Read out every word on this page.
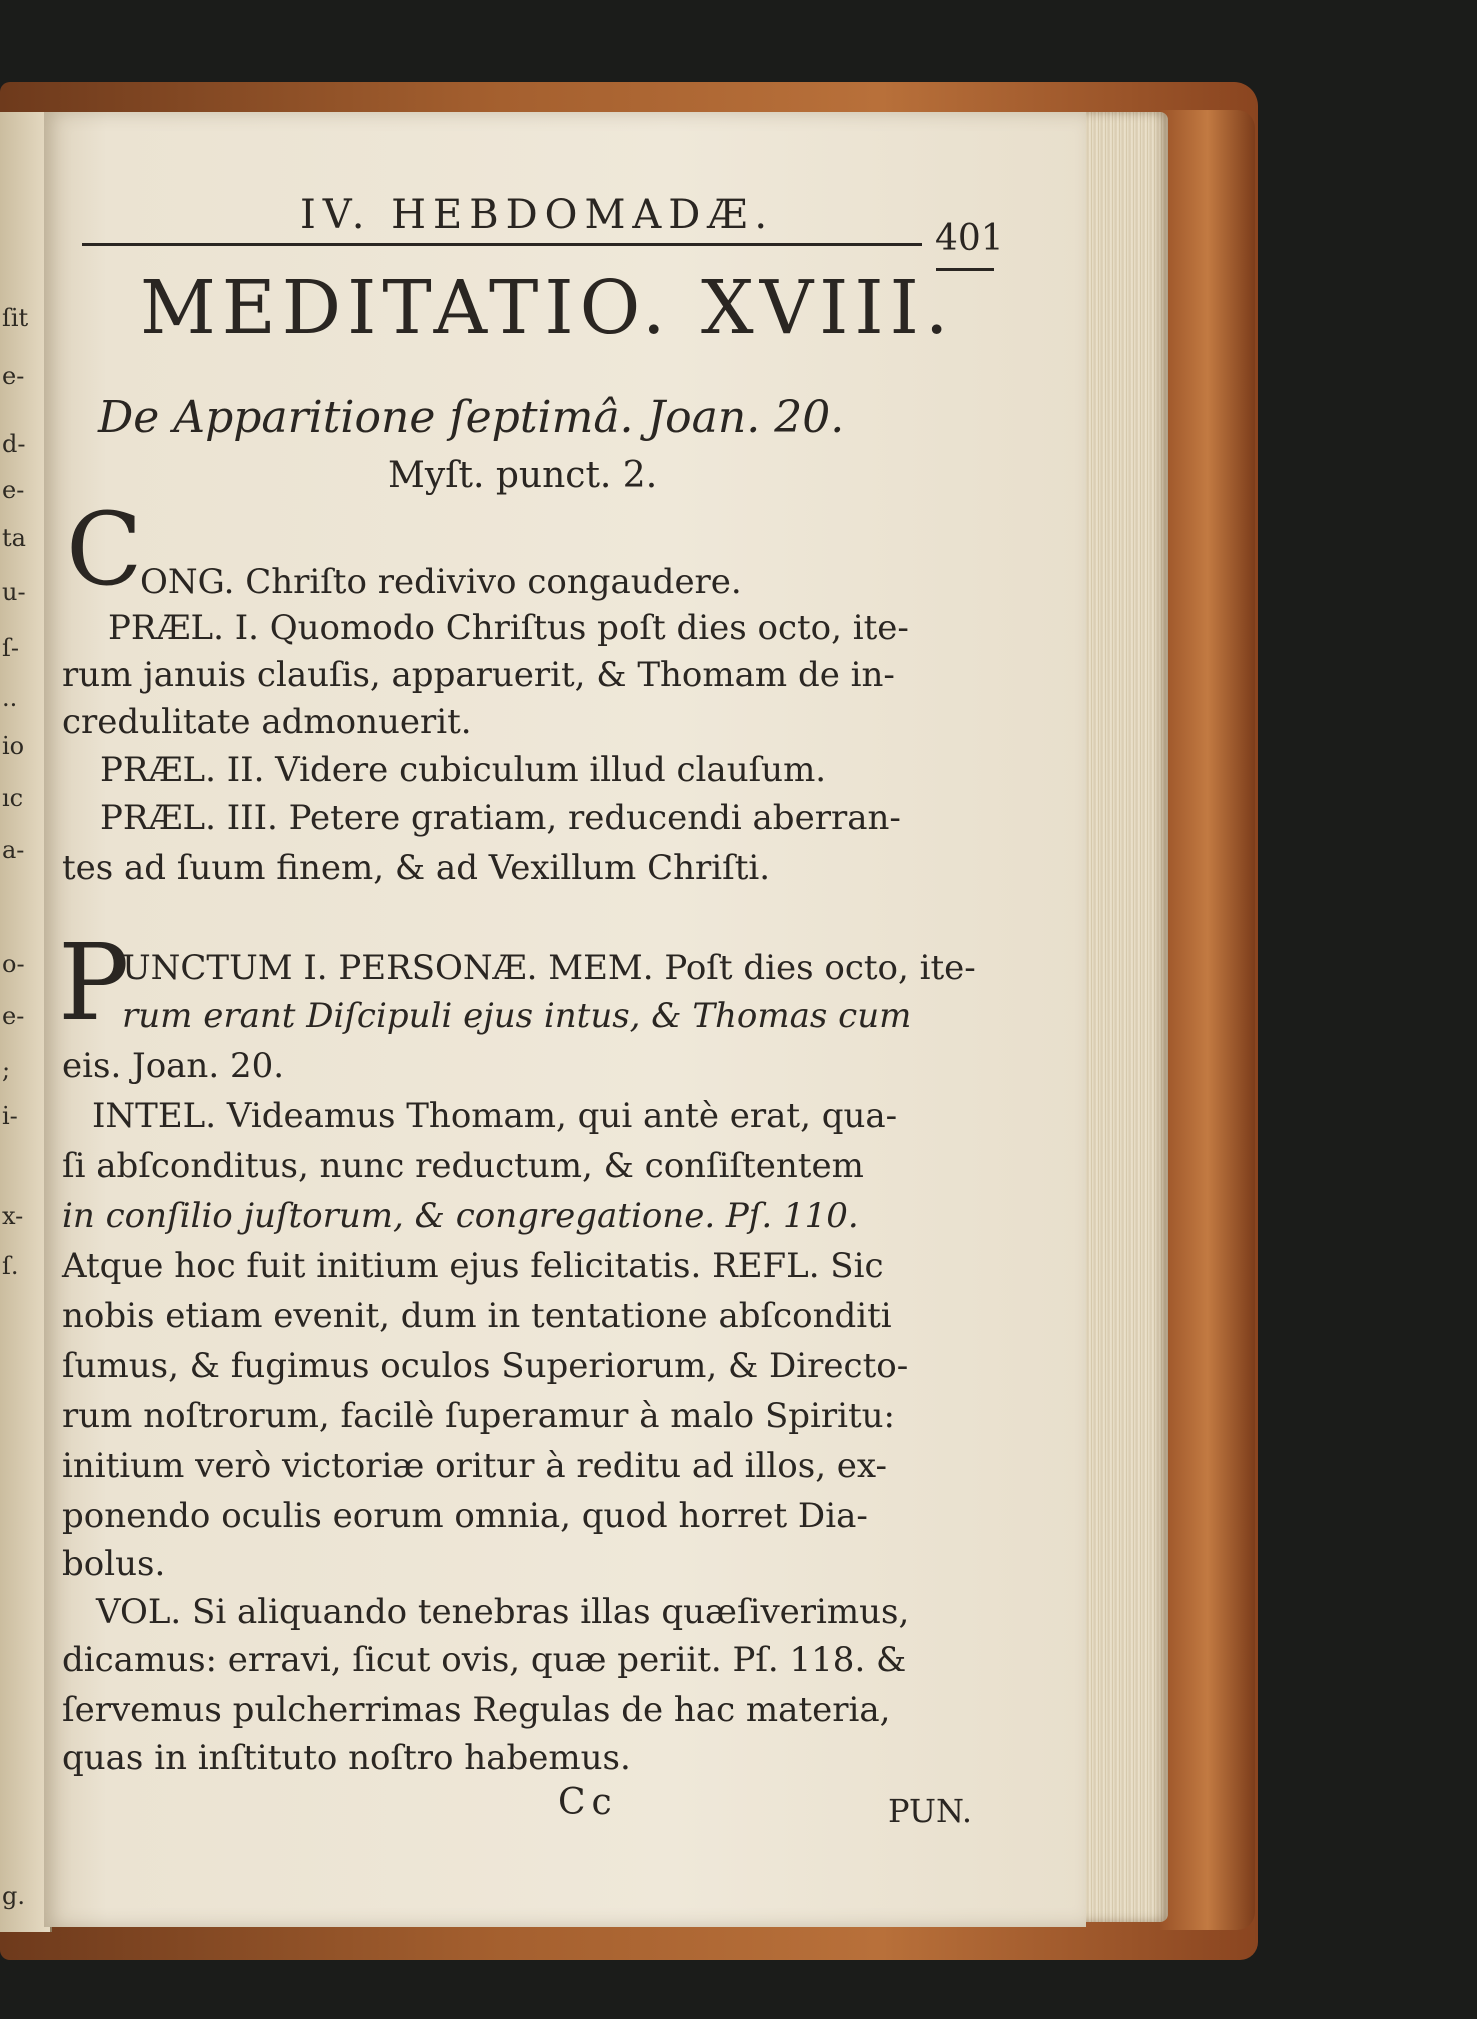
ſit
e-
d-
e-
ta
u-
ſ-
..
io
ıc
a-
o-
e-
;
i-
x-
ſ.
g.
IV. HEBDOMADÆ.
401
MEDITATIO. XVIII.
De Apparitione ſeptimâ. Joan. 20.
Myſt. punct. 2.
C
ONG. Chriſto redivivo congaudere.
PRÆL. I. Quomodo Chriſtus poſt dies octo, ite-
rum januis clauſis, apparuerit, & Thomam de in-
credulitate admonuerit.
PRÆL. II. Videre cubiculum illud clauſum.
PRÆL. III. Petere gratiam, reducendi aberran-
tes ad ſuum finem, & ad Vexillum Chriſti.
P
UNCTUM I. PERSONÆ. MEM. Poſt dies octo, ite-
rum erant Diſcipuli ejus intus, & Thomas cum
eis. Joan. 20.
INTEL. Videamus Thomam, qui antè erat, qua-
ſi abſconditus, nunc reductum, & conſiſtentem
in conſilio juſtorum, & congregatione. Pſ. 110.
Atque hoc fuit initium ejus felicitatis. REFL. Sic
nobis etiam evenit, dum in tentatione abſconditi
ſumus, & fugimus oculos Superiorum, & Directo-
rum noſtrorum, facilè ſuperamur à malo Spiritu:
initium verò victoriæ oritur à reditu ad illos, ex-
ponendo oculis eorum omnia, quod horret Dia-
bolus.
VOL. Si aliquando tenebras illas quæſiverimus,
dicamus: erravi, ſicut ovis, quæ periit. Pſ. 118. &
ſervemus pulcherrimas Regulas de hac materia,
quas in inſtituto noſtro habemus.
Cc	PUN.
